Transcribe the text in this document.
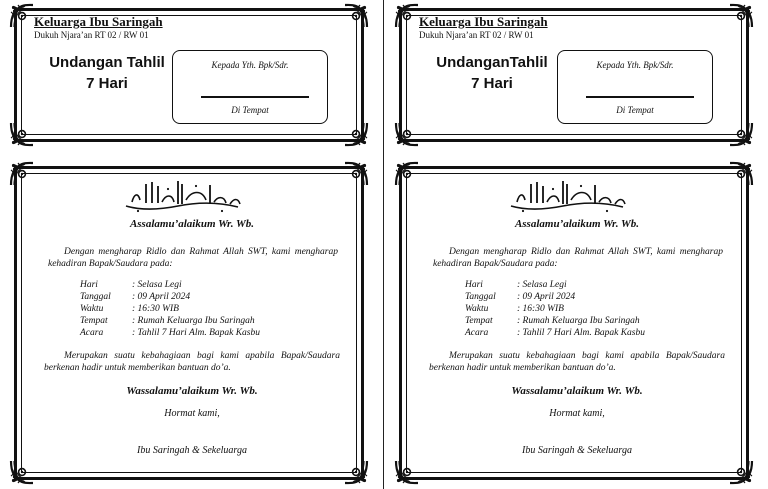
Keluarga Ibu Saringah
Dukuh Njara’an RT 02 / RW 01
Undangan Tahlil
7 Hari
Kepada Yth. Bpk/Sdr.
Di Tempat
Assalamu’alaikum Wr. Wb.
Dengan mengharap Ridlo dan Rahmat Allah SWT, kami mengharap kehadiran Bapak/Saudara pada:
Hari	: Selasa Legi
Tanggal	: 09 April 2024
Waktu	: 16:30 WIB
Tempat	: Rumah Keluarga Ibu Saringah
Acara	: Tahlil 7 Hari Alm. Bapak Kasbu
Merupakan suatu kebahagiaan bagi kami apabila Bapak/Saudara berkenan hadir untuk memberikan bantuan do’a.
Wassalamu’alaikum Wr. Wb.
Hormat kami,
Ibu Saringah & Sekeluarga
Keluarga Ibu Saringah
Dukuh Njara’an RT 02 / RW 01
UndanganTahlil
7 Hari
Kepada Yth. Bpk/Sdr.
Di Tempat
Assalamu’alaikum Wr. Wb.
Dengan mengharap Ridlo dan Rahmat Allah SWT, kami mengharap kehadiran Bapak/Saudara pada:
Hari	: Selasa Legi
Tanggal	: 09 April 2024
Waktu	: 16:30 WIB
Tempat	: Rumah Keluarga Ibu Saringah
Acara	: Tahlil 7 Hari Alm. Bapak Kasbu
Merupakan suatu kebahagiaan bagi kami apabila Bapak/Saudara berkenan hadir untuk memberikan bantuan do’a.
Wassalamu’alaikum Wr. Wb.
Hormat kami,
Ibu Saringah & Sekeluarga
